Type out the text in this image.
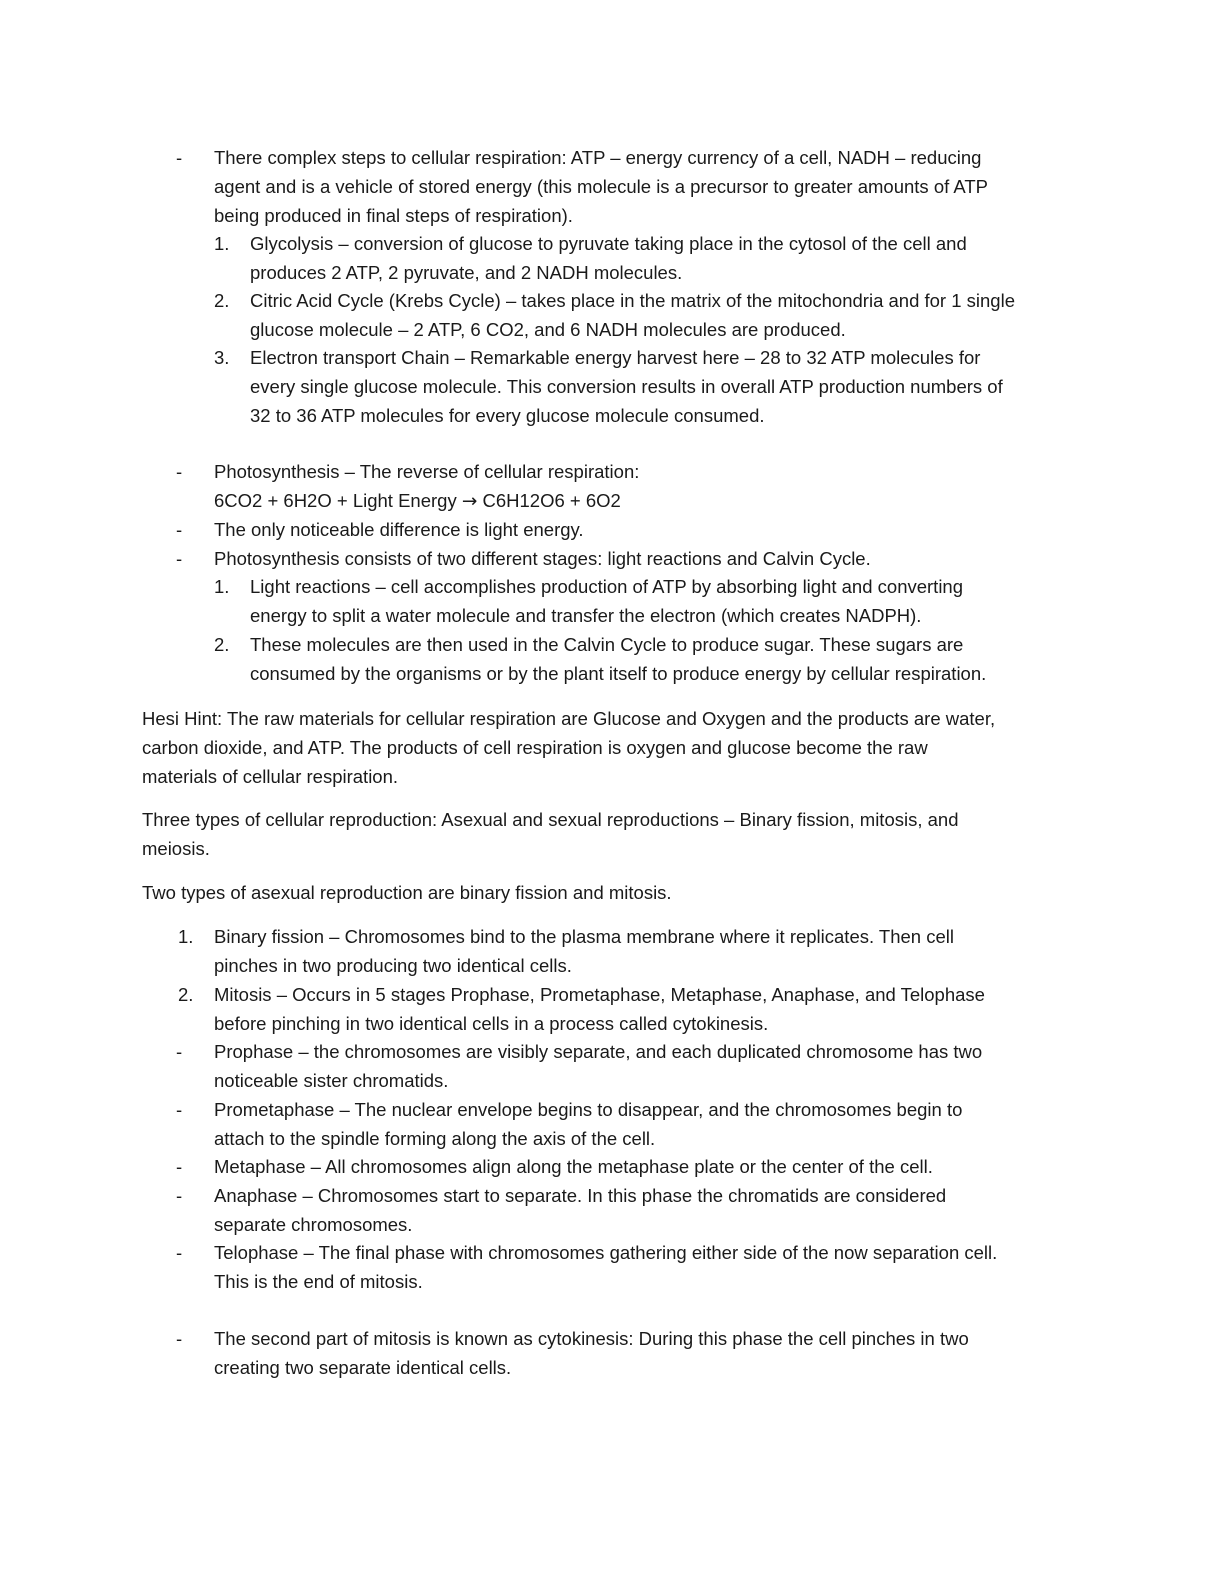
- There complex steps to cellular respiration: ATP – energy currency of a cell, NADH – reducing
agent and is a vehicle of stored energy (this molecule is a precursor to greater amounts of ATP
being produced in final steps of respiration).
1. Glycolysis – conversion of glucose to pyruvate taking place in the cytosol of the cell and
produces 2 ATP, 2 pyruvate, and 2 NADH molecules.
2. Citric Acid Cycle (Krebs Cycle) – takes place in the matrix of the mitochondria and for 1 single
glucose molecule – 2 ATP, 6 CO2, and 6 NADH molecules are produced.
3. Electron transport Chain – Remarkable energy harvest here – 28 to 32 ATP molecules for
every single glucose molecule. This conversion results in overall ATP production numbers of
32 to 36 ATP molecules for every glucose molecule consumed.
- Photosynthesis – The reverse of cellular respiration:
6CO2 + 6H2O + Light Energy → C6H12O6 + 6O2
- The only noticeable difference is light energy.
- Photosynthesis consists of two different stages: light reactions and Calvin Cycle.
1. Light reactions – cell accomplishes production of ATP by absorbing light and converting
energy to split a water molecule and transfer the electron (which creates NADPH).
2. These molecules are then used in the Calvin Cycle to produce sugar. These sugars are
consumed by the organisms or by the plant itself to produce energy by cellular respiration.
Hesi Hint: The raw materials for cellular respiration are Glucose and Oxygen and the products are water,
carbon dioxide, and ATP. The products of cell respiration is oxygen and glucose become the raw
materials of cellular respiration.
Three types of cellular reproduction: Asexual and sexual reproductions – Binary fission, mitosis, and
meiosis.
Two types of asexual reproduction are binary fission and mitosis.
1. Binary fission – Chromosomes bind to the plasma membrane where it replicates. Then cell
pinches in two producing two identical cells.
2. Mitosis – Occurs in 5 stages Prophase, Prometaphase, Metaphase, Anaphase, and Telophase
before pinching in two identical cells in a process called cytokinesis.
- Prophase – the chromosomes are visibly separate, and each duplicated chromosome has two
noticeable sister chromatids.
- Prometaphase – The nuclear envelope begins to disappear, and the chromosomes begin to
attach to the spindle forming along the axis of the cell.
- Metaphase – All chromosomes align along the metaphase plate or the center of the cell.
- Anaphase – Chromosomes start to separate. In this phase the chromatids are considered
separate chromosomes.
- Telophase – The final phase with chromosomes gathering either side of the now separation cell.
This is the end of mitosis.
- The second part of mitosis is known as cytokinesis: During this phase the cell pinches in two
creating two separate identical cells.
